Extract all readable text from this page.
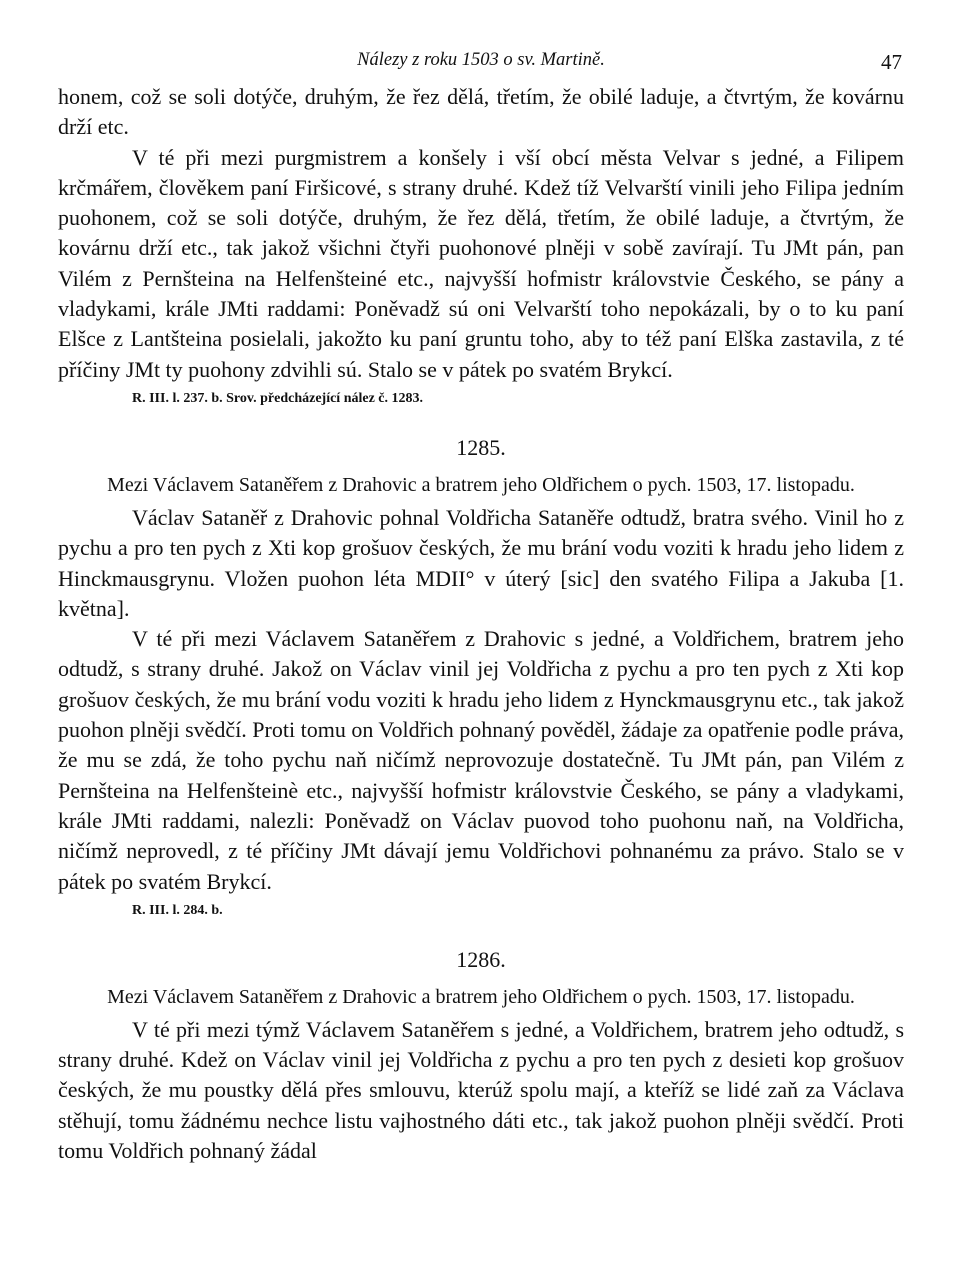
Nálezy z roku 1503 o sv. Martině.	47

honem, což se soli dotýče, druhým, že řez dělá, třetím, že obilé laduje, a čtvrtým, že kovárnu drží etc.

V té při mezi purgmistrem a konšely i vší obcí města Velvar s jedné, a Filipem krčmářem, člověkem paní Firšicové, s strany druhé. Kdež tíž Velvarští vinili jeho Filipa jedním puohonem, což se soli dotýče, druhým, že řez dělá, třetím, že obilé laduje, a čtvrtým, že kovárnu drží etc., tak jakož všichni čtyři puohonové plněji v sobě zavírají. Tu JMt pán, pan Vilém z Pernšteina na Helfenšteiné etc., najvyšší hofmistr královstvie Českého, se pány a vladykami, krále JMti raddami: Poněvadž sú oni Velvarští toho nepokázali, by o to ku paní Elšce z Lantšteina posielali, jakožto ku paní gruntu toho, aby to též paní Elška zastavila, z té příčiny JMt ty puohony zdvihli sú. Stalo se v pátek po svatém Brykcí.

R. III. l. 237. b. Srov. předcházející nález č. 1283.
1285.
Mezi Václavem Sataněřem z Drahovic a bratrem jeho Oldřichem o pych. 1503, 17. listopadu.

Václav Sataněř z Drahovic pohnal Voldřicha Sataněře odtudž, bratra svého. Vinil ho z pychu a pro ten pych z Xti kop grošuov českých, že mu brání vodu voziti k hradu jeho lidem z Hinckmausgrynu. Vložen puohon léta MDII° v úterý [sic] den svatého Filipa a Jakuba [1. května].

V té při mezi Václavem Sataněřem z Drahovic s jedné, a Voldřichem, bratrem jeho odtudž, s strany druhé. Jakož on Václav vinil jej Voldřicha z pychu a pro ten pych z Xti kop grošuov českých, že mu brání vodu voziti k hradu jeho lidem z Hynckmausgrynu etc., tak jakož puohon plněji svědčí. Proti tomu on Voldřich pohnaný pověděl, žádaje za opatřenie podle práva, že mu se zdá, že toho pychu naň ničímž neprovozuje dostatečně. Tu JMt pán, pan Vilém z Pernšteina na Helfenšteinè etc., najvyšší hofmistr královstvie Českého, se pány a vladykami, krále JMti raddami, nalezli: Poněvadž on Václav puovod toho puohonu naň, na Voldřicha, ničímž neprovedl, z té příčiny JMt dávají jemu Voldřichovi pohnanému za právo. Stalo se v pátek po svatém Brykcí.

R. III. l. 284. b.
1286.
Mezi Václavem Sataněřem z Drahovic a bratrem jeho Oldřichem o pych. 1503, 17. listopadu.

V té při mezi týmž Václavem Sataněřem s jedné, a Voldřichem, bratrem jeho odtudž, s strany druhé. Kdež on Václav vinil jej Voldřicha z pychu a pro ten pych z desieti kop grošuov českých, že mu poustky dělá přes smlouvu, kterúž spolu mají, a kteříž se lidé zaň za Václava stěhují, tomu žádnému nechce listu vajhostného dáti etc., tak jakož puohon plněji svědčí. Proti tomu Voldřich pohnaný žádal
